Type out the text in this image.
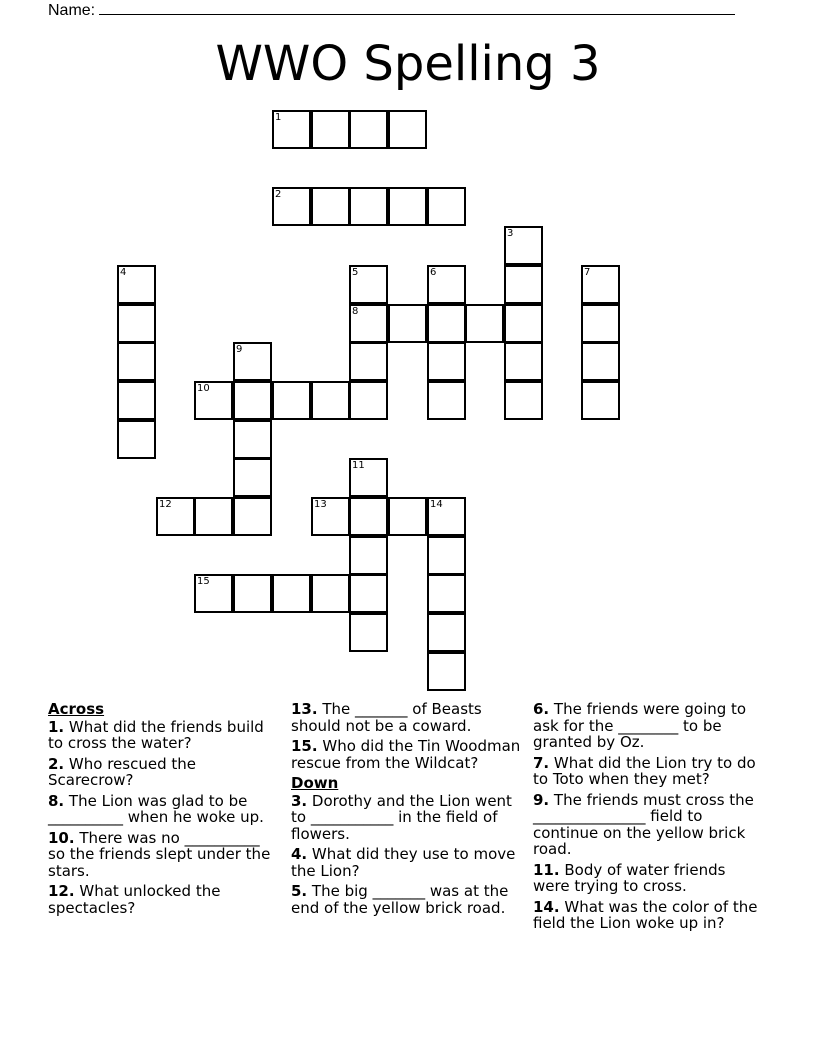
Name:
WWO Spelling 3
1
2
3
4	5
8
6	7
9
10
11
12	13	14
15
Across
1. What did the friends build to cross the water?
2. Who rescued the Scarecrow?
8. The Lion was glad to be __________ when he woke up.
10. There was no __________ so the friends slept under the stars.
12. What unlocked the spectacles?
13. The _______ of Beasts should not be a coward.
15. Who did the Tin Woodman rescue from the Wildcat?
Down
3. Dorothy and the Lion went to ___________ in the field of flowers.
4. What did they use to move the Lion?
5. The big _______ was at the end of the yellow brick road.
6. The friends were going to ask for the ________ to be granted by Oz.
7. What did the Lion try to do to Toto when they met?
9. The friends must cross the _______________ field to continue on the yellow brick road.
11. Body of water friends were trying to cross.
14. What was the color of the field the Lion woke up in?
